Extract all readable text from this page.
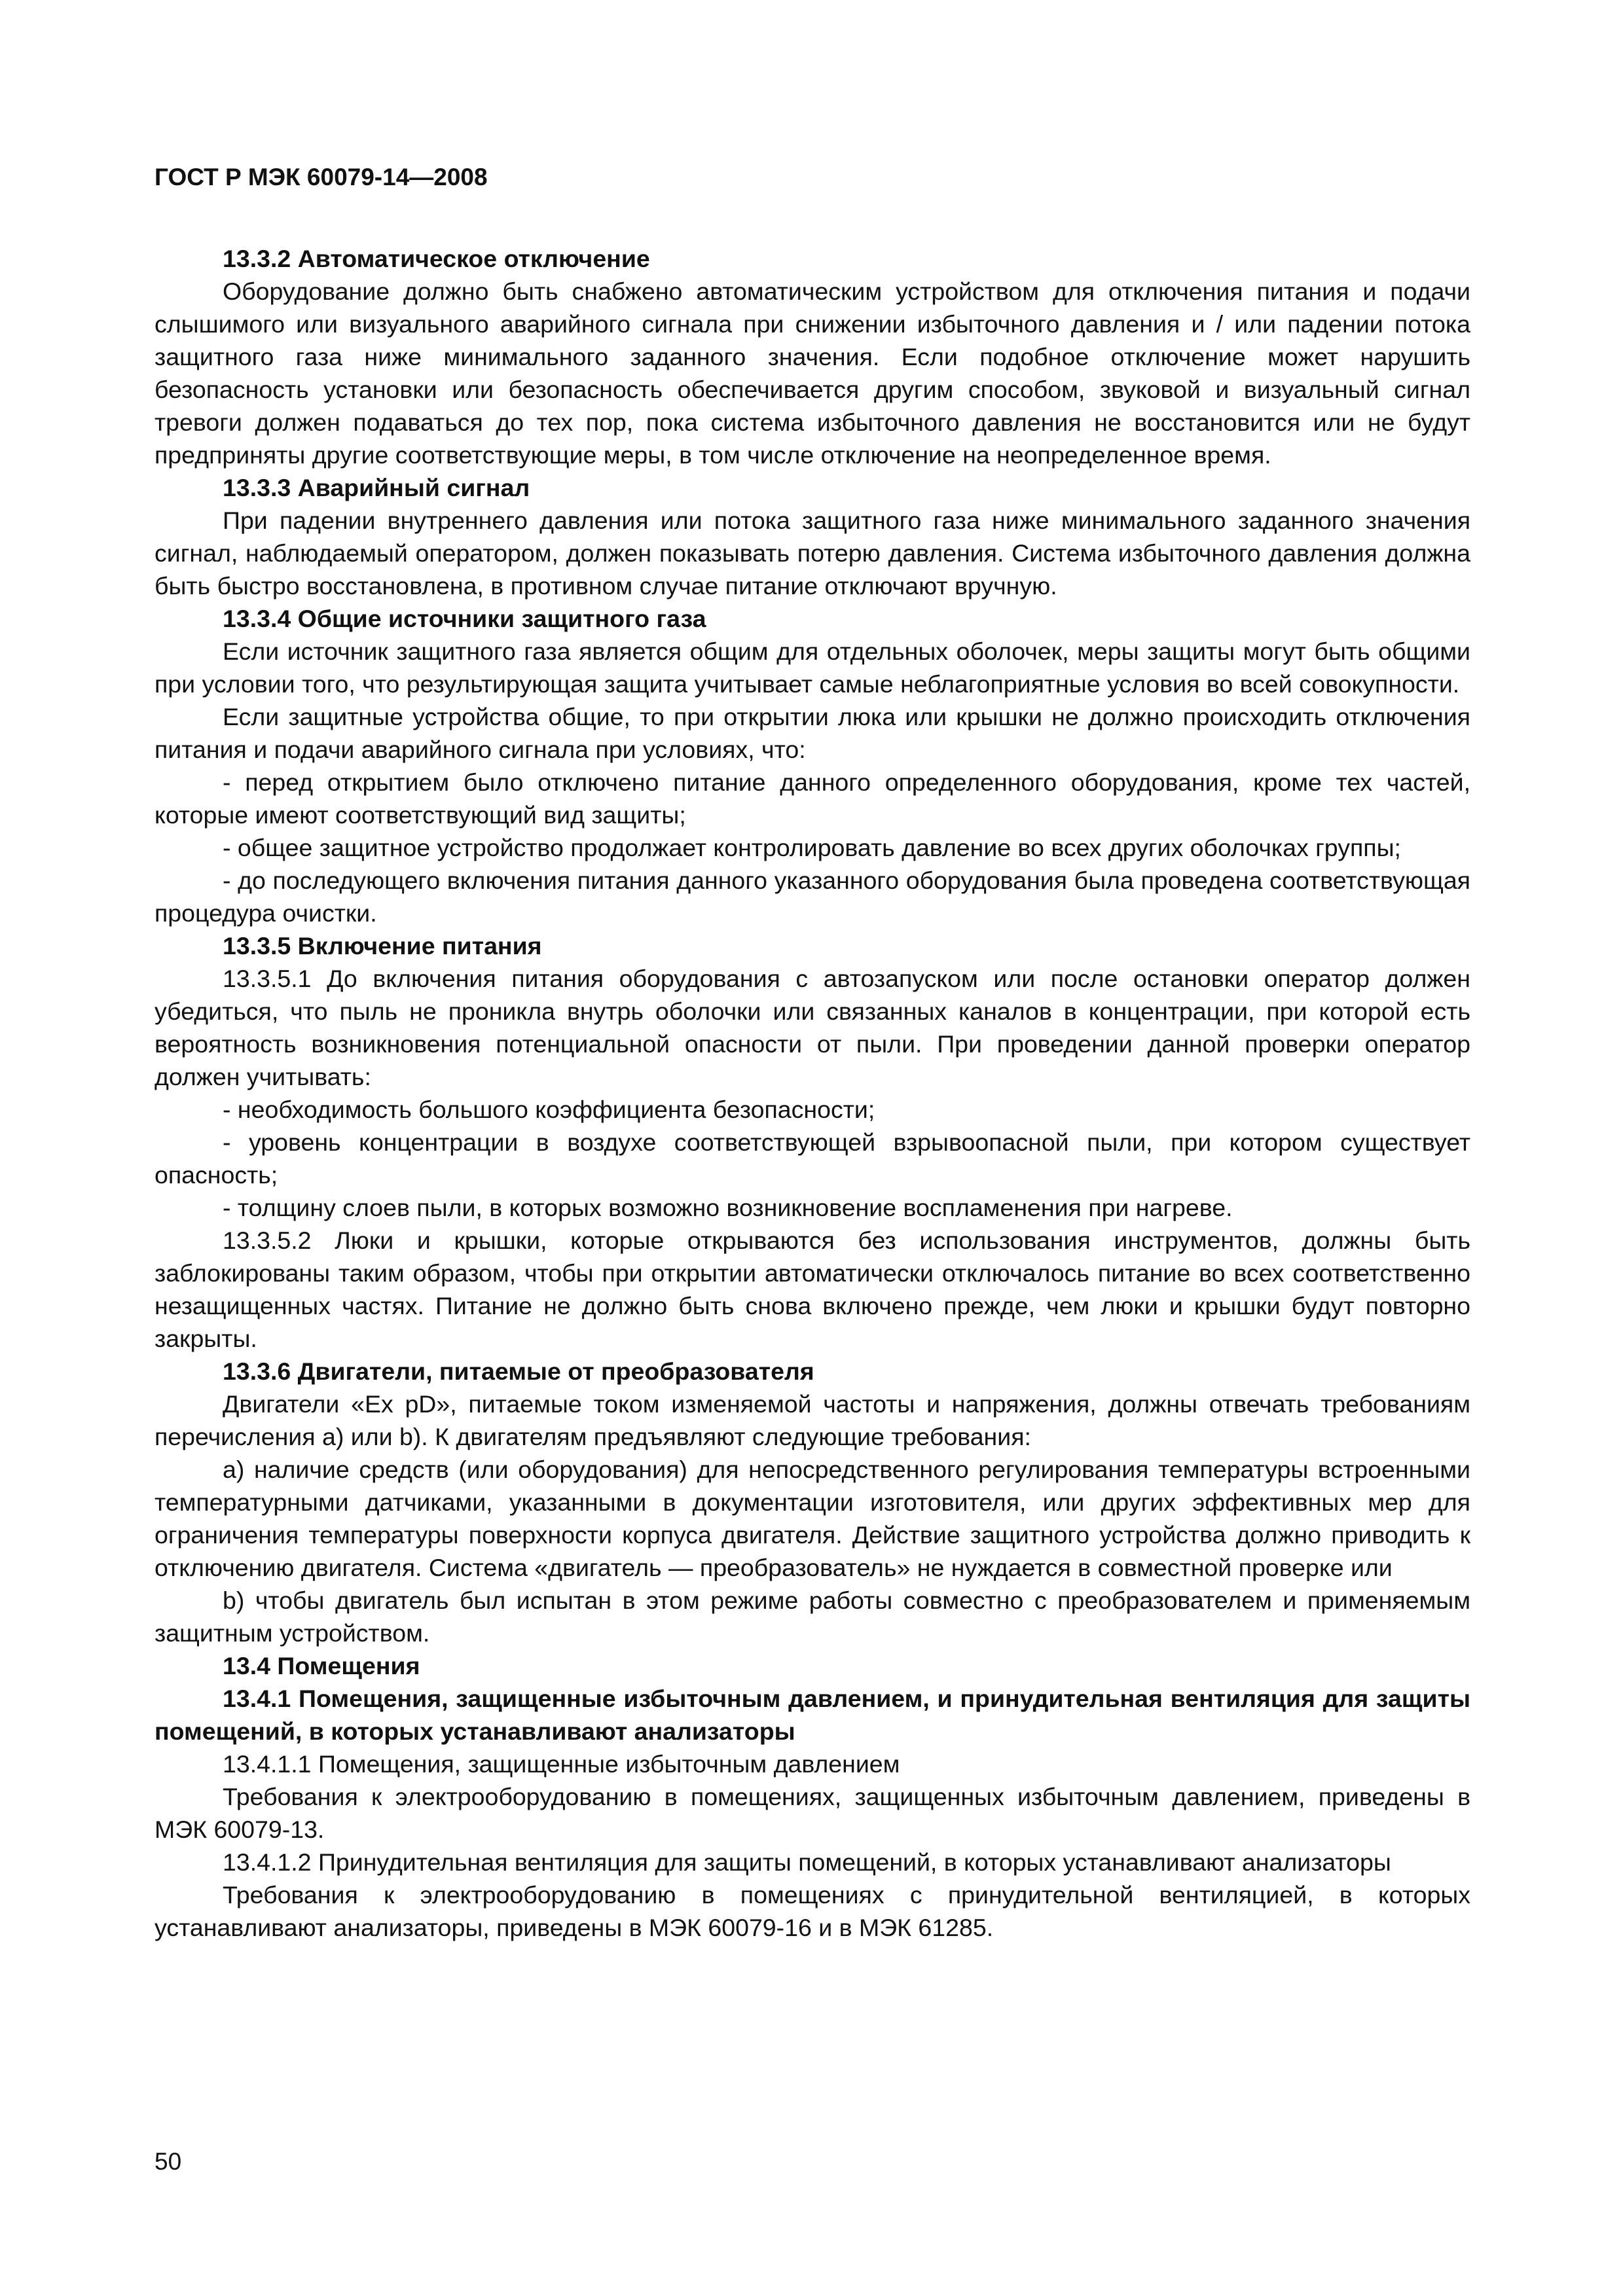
ГОСТ Р МЭК 60079-14—2008
13.3.2 Автоматическое отключение

Оборудование должно быть снабжено автоматическим устройством для отключения питания и подачи слышимого или визуального аварийного сигнала при снижении избыточного давления и / или падении потока защитного газа ниже минимального заданного значения. Если подобное отключение может нарушить безопасность установки или безопасность обеспечивается другим способом, звуковой и визуальный сигнал тревоги должен подаваться до тех пор, пока система избыточного давления не восстановится или не будут предприняты другие соответствующие меры, в том числе отключение на неопределенное время.

13.3.3 Аварийный сигнал

При падении внутреннего давления или потока защитного газа ниже минимального заданного значения сигнал, наблюдаемый оператором, должен показывать потерю давления. Система избыточного давления должна быть быстро восстановлена, в противном случае питание отключают вручную.

13.3.4 Общие источники защитного газа

Если источник защитного газа является общим для отдельных оболочек, меры защиты могут быть общими при условии того, что результирующая защита учитывает самые неблагоприятные условия во всей совокупности.

Если защитные устройства общие, то при открытии люка или крышки не должно происходить отключения питания и подачи аварийного сигнала при условиях, что:

- перед открытием было отключено питание данного определенного оборудования, кроме тех частей, которые имеют соответствующий вид защиты;

- общее защитное устройство продолжает контролировать давление во всех других оболочках группы;

- до последующего включения питания данного указанного оборудования была проведена соответствующая процедура очистки.

13.3.5 Включение питания

13.3.5.1 До включения питания оборудования с автозапуском или после остановки оператор должен убедиться, что пыль не проникла внутрь оболочки или связанных каналов в концентрации, при которой есть вероятность возникновения потенциальной опасности от пыли. При проведении данной проверки оператор должен учитывать:

- необходимость большого коэффициента безопасности;

- уровень концентрации в воздухе соответствующей взрывоопасной пыли, при котором существует опасность;

- толщину слоев пыли, в которых возможно возникновение воспламенения при нагреве.

13.3.5.2 Люки и крышки, которые открываются без использования инструментов, должны быть заблокированы таким образом, чтобы при открытии автоматически отключалось питание во всех соответственно незащищенных частях. Питание не должно быть снова включено прежде, чем люки и крышки будут повторно закрыты.

13.3.6 Двигатели, питаемые от преобразователя

Двигатели «Ex pD», питаемые током изменяемой частоты и напряжения, должны отвечать требованиям перечисления a) или b). К двигателям предъявляют следующие требования:

a) наличие средств (или оборудования) для непосредственного регулирования температуры встроенными температурными датчиками, указанными в документации изготовителя, или других эффективных мер для ограничения температуры поверхности корпуса двигателя. Действие защитного устройства должно приводить к отключению двигателя. Система «двигатель — преобразователь» не нуждается в совместной проверке или

b) чтобы двигатель был испытан в этом режиме работы совместно с преобразователем и применяемым защитным устройством.

13.4 Помещения
13.4.1 Помещения, защищенные избыточным давлением, и принудительная вентиляция для защиты помещений, в которых устанавливают анализаторы

13.4.1.1 Помещения, защищенные избыточным давлением

Требования к электрооборудованию в помещениях, защищенных избыточным давлением, приведены в МЭК 60079-13.

13.4.1.2 Принудительная вентиляция для защиты помещений, в которых устанавливают анализаторы

Требования к электрооборудованию в помещениях с принудительной вентиляцией, в которых устанавливают анализаторы, приведены в МЭК 60079-16 и в МЭК 61285.

50
